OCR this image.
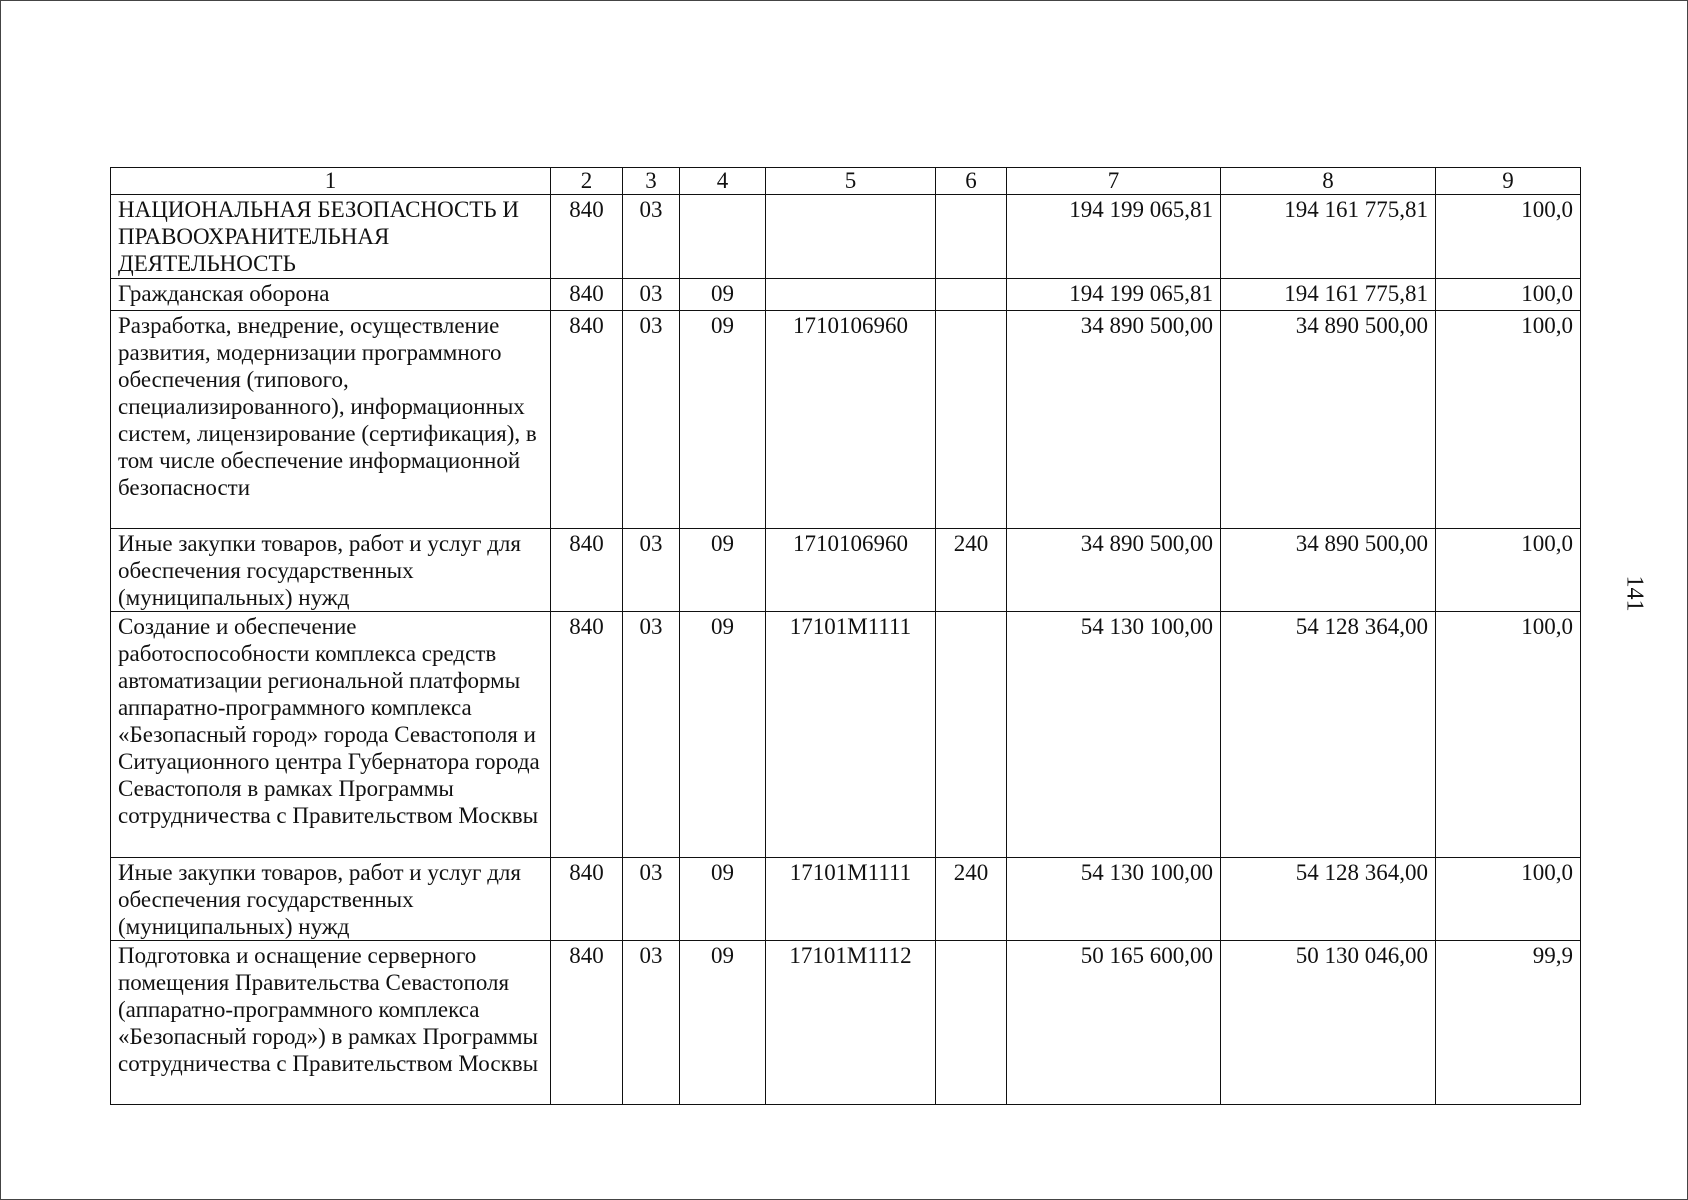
1	2	3	4	5	6	7	8	9
НАЦИОНАЛЬНАЯ БЕЗОПАСНОСТЬ И ПРАВООХРАНИТЕЛЬНАЯ ДЕЯТЕЛЬНОСТЬ	840	03				194 199 065,81	194 161 775,81	100,0
Гражданская оборона	840	03	09			194 199 065,81	194 161 775,81	100,0
Разработка, внедрение, осуществление развития, модернизации программного обеспечения (типового, специализированного), информационных систем, лицензирование (сертификация), в том числе обеспечение информационной безопасности	840	03	09	1710106960		34 890 500,00	34 890 500,00	100,0
Иные закупки товаров, работ и услуг для обеспечения государственных (муниципальных) нужд	840	03	09	1710106960	240	34 890 500,00	34 890 500,00	100,0
Создание и обеспечение работоспособности комплекса средств автоматизации региональной платформы аппаратно-программного комплекса «Безопасный город» города Севастополя и Ситуационного центра Губернатора города Севастополя в рамках Программы сотрудничества с Правительством Москвы	840	03	09	17101М1111		54 130 100,00	54 128 364,00	100,0
Иные закупки товаров, работ и услуг для обеспечения государственных (муниципальных) нужд	840	03	09	17101М1111	240	54 130 100,00	54 128 364,00	100,0
Подготовка и оснащение серверного помещения Правительства Севастополя (аппаратно-программного комплекса «Безопасный город») в рамках Программы сотрудничества с Правительством Москвы	840	03	09	17101М1112		50 165 600,00	50 130 046,00	99,9
141
